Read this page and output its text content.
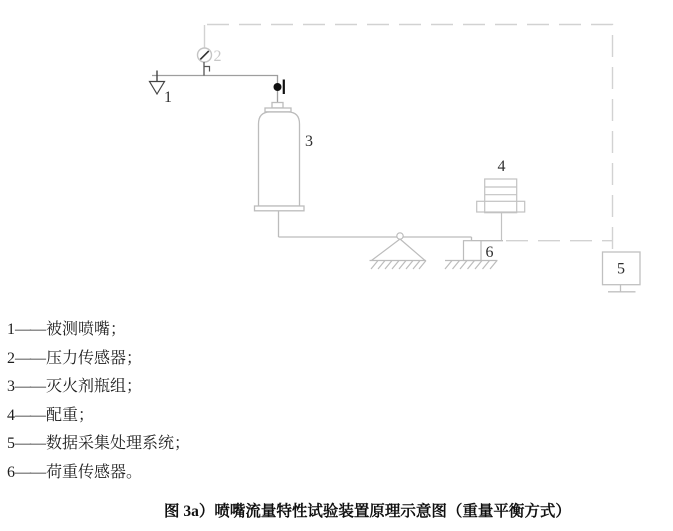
2
1
3
6
4
5
1——被测喷嘴；
2——压力传感器；
3——灭火剂瓶组；
4——配重；
5——数据采集处理系统；
6——荷重传感器。
图 3a）喷嘴流量特性试验装置原理示意图（重量平衡方式）
